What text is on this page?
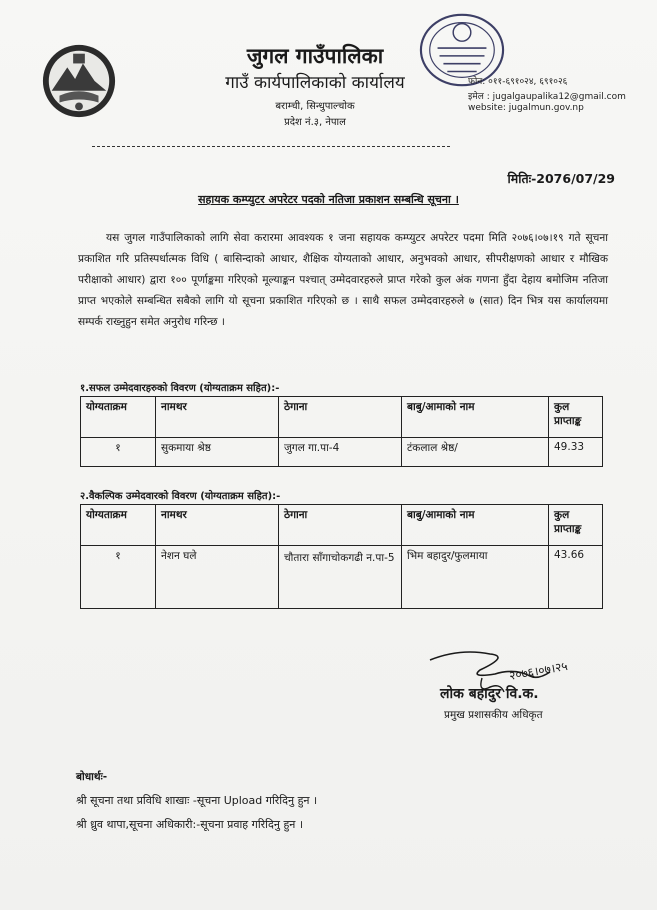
जुगल गाउँपालिका
गाउँ कार्यपालिकाको कार्यालय
बराम्ची, सिन्धुपाल्चोक
प्रदेश नं.३, नेपाल
फोन: ०११-६९१०२४, ६९१०२६
इमेल : jugalgaupalika12@gmail.com
website: jugalmun.gov.np
मितिः-2076/07/29
सहायक कम्प्युटर अपरेटर पदको नतिजा प्रकाशन सम्बन्धि सूचना ।

यस जुगल गाउँपालिकाको लागि सेवा करारमा आवश्यक १ जना सहायक कम्प्युटर अपरेटर पदमा मिति २०७६।०७।१९ गते सूचना प्रकाशित गरि प्रतिस्पर्धात्मक विधि ( बासिन्दाको आधार, शैक्षिक योग्यताको आधार, अनुभवको आधार, सीपरीक्षणको आधार र मौखिक परीक्षाको आधार) द्वारा १०० पूर्णाङ्कमा गरिएको मूल्याङ्कन पश्चात् उम्मेदवारहरुले प्राप्त गरेको कुल अंक गणना हुँदा देहाय बमोजिम नतिजा प्राप्त भएकोले सम्बन्धित सबैको लागि यो सूचना प्रकाशित गरिएको छ । साथै सफल उम्मेदवारहरुले ७ (सात) दिन भित्र यस कार्यालयमा सम्पर्क राख्नुहुन समेत अनुरोध गरिन्छ ।

१.सफल उम्मेदवारहरुको विवरण (योग्यताक्रम सहित):-
योग्यताक्रम	नामथर	ठेगाना	बाबु/आमाको नाम	कुल प्राप्ताङ्क
१	सुकमाया श्रेष्ठ	जुगल गा.पा-4	टंकलाल श्रेष्ठ/	49.33
२.वैकल्पिक उम्मेदवारको विवरण (योग्यताक्रम सहित):-
योग्यताक्रम	नामथर	ठेगाना	बाबु/आमाको नाम	कुल प्राप्ताङ्क
१	नेशन घले	चौतारा साँगाचोकगढी न.पा-5	भिम बहादुर/फुलमाया	43.66
२०७६।०७।२५
लोक बहादुर वि.क.
प्रमुख प्रशासकीय अधिकृत
बोधार्थः-
श्री सूचना तथा प्रविधि शाखाः -सूचना Upload गरिदिनु हुन ।
श्री ध्रुव थापा,सूचना अधिकारी:-सूचना प्रवाह गरिदिनु हुन ।
